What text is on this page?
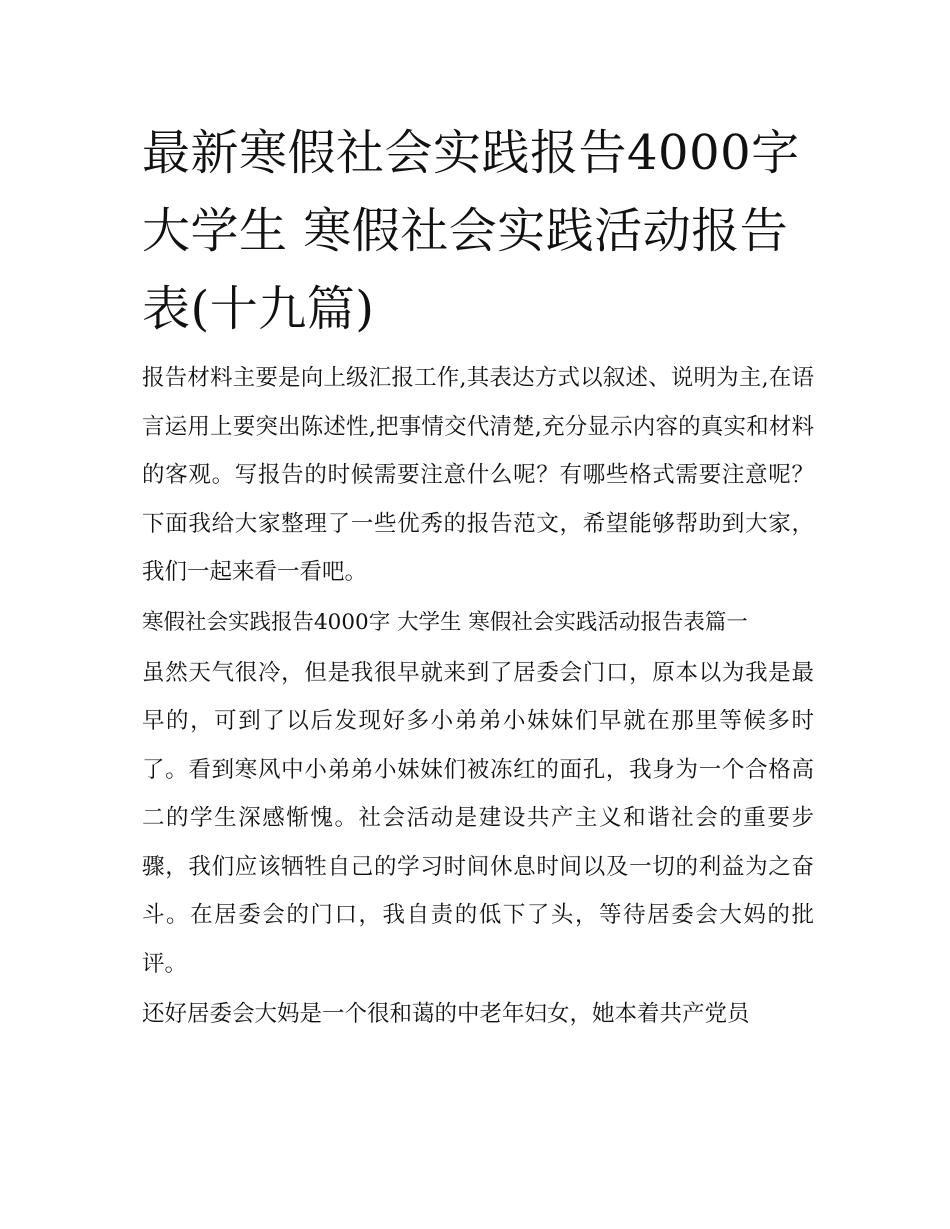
最新寒假社会实践报告4000字 大学生 寒假社会实践活动报告表(十九篇)

报告材料主要是向上级汇报工作,其表达方式以叙述、说明为主,在语言运用上要突出陈述性,把事情交代清楚,充分显示内容的真实和材料的客观。写报告的时候需要注意什么呢？有哪些格式需要注意呢？下面我给大家整理了一些优秀的报告范文，希望能够帮助到大家，我们一起来看一看吧。

寒假社会实践报告4000字 大学生 寒假社会实践活动报告表篇一

虽然天气很冷，但是我很早就来到了居委会门口，原本以为我是最早的，可到了以后发现好多小弟弟小妹妹们早就在那里等候多时了。看到寒风中小弟弟小妹妹们被冻红的面孔，我身为一个合格高二的学生深感惭愧。社会活动是建设共产主义和谐社会的重要步骤，我们应该牺牲自己的学习时间休息时间以及一切的利益为之奋斗。在居委会的门口，我自责的低下了头，等待居委会大妈的批评。

还好居委会大妈是一个很和蔼的中老年妇女，她本着共产党员
